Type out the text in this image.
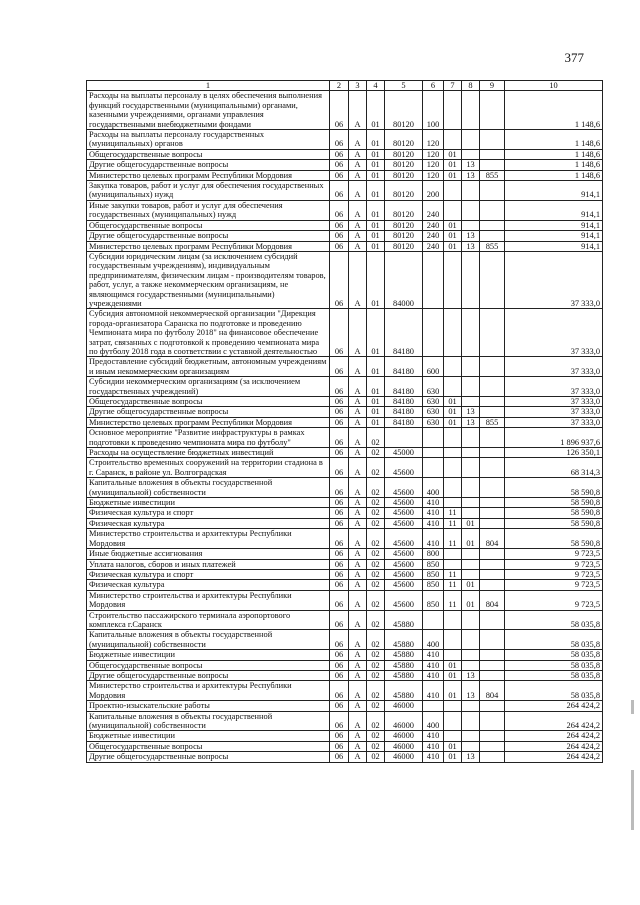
377
1	2	3	4	5	6	7	8	9	10
Расходы на выплаты персоналу в целях обеспечения выполнения функций государственными (муниципальными) органами, казенными учреждениями, органами управления государственными внебюджетными фондами	06	А	01	80120	100				1 148,6
Расходы на выплаты персоналу государственных (муниципальных) органов	06	А	01	80120	120				1 148,6
Общегосударственные вопросы	06	А	01	80120	120	01			1 148,6
Другие общегосударственные вопросы	06	А	01	80120	120	01	13		1 148,6
Министерство целевых программ Республики Мордовия	06	А	01	80120	120	01	13	855	1 148,6
Закупка товаров, работ и услуг для обеспечения государственных (муниципальных) нужд	06	А	01	80120	200				914,1
Иные закупки товаров, работ и услуг для обеспечения государственных (муниципальных) нужд	06	А	01	80120	240				914,1
Общегосударственные вопросы	06	А	01	80120	240	01			914,1
Другие общегосударственные вопросы	06	А	01	80120	240	01	13		914,1
Министерство целевых программ Республики Мордовия	06	А	01	80120	240	01	13	855	914,1
Субсидии юридическим лицам (за исключением субсидий государственным учреждениям), индивидуальным предпринимателям, физическим лицам - производителям товаров, работ, услуг, а также некоммерческим организациям, не являющимся государственными (муниципальными) учреждениями	06	А	01	84000					37 333,0
Субсидия автономной некоммерческой организации "Дирекция города-организатора Саранска по подготовке и проведению Чемпионата мира по футболу 2018" на финансовое обеспечение затрат, связанных с подготовкой к проведению чемпионата мира по футболу 2018 года в соответствии с уставной деятельностью	06	А	01	84180					37 333,0
Предоставление субсидий бюджетным, автономным учреждениям и иным некоммерческим организациям	06	А	01	84180	600				37 333,0
Субсидии некоммерческим организациям (за исключением государственных учреждений)	06	А	01	84180	630				37 333,0
Общегосударственные вопросы	06	А	01	84180	630	01			37 333,0
Другие общегосударственные вопросы	06	А	01	84180	630	01	13		37 333,0
Министерство целевых программ Республики Мордовия	06	А	01	84180	630	01	13	855	37 333,0
Основное мероприятие "Развитие инфраструктуры в рамках подготовки к проведению чемпионата мира по футболу"	06	А	02						1 896 937,6
Расходы на осуществление бюджетных инвестиций	06	А	02	45000					126 350,1
Строительство временных сооружений на территории стадиона в г. Саранск, в районе ул. Волгоградская	06	А	02	45600					68 314,3
Капитальные вложения в объекты государственной (муниципальной) собственности	06	А	02	45600	400				58 590,8
Бюджетные инвестиции	06	А	02	45600	410				58 590,8
Физическая культура и спорт	06	А	02	45600	410	11			58 590,8
Физическая культура	06	А	02	45600	410	11	01		58 590,8
Министерство строительства и архитектуры Республики Мордовия	06	А	02	45600	410	11	01	804	58 590,8
Иные бюджетные ассигнования	06	А	02	45600	800				9 723,5
Уплата налогов, сборов и иных платежей	06	А	02	45600	850				9 723,5
Физическая культура и спорт	06	А	02	45600	850	11			9 723,5
Физическая культура	06	А	02	45600	850	11	01		9 723,5
Министерство строительства и архитектуры Республики Мордовия	06	А	02	45600	850	11	01	804	9 723,5
Строительство пассажирского терминала аэропортового комплекса г.Саранск	06	А	02	45880					58 035,8
Капитальные вложения в объекты государственной (муниципальной) собственности	06	А	02	45880	400				58 035,8
Бюджетные инвестиции	06	А	02	45880	410				58 035,8
Общегосударственные вопросы	06	А	02	45880	410	01			58 035,8
Другие общегосударственные вопросы	06	А	02	45880	410	01	13		58 035,8
Министерство строительства и архитектуры Республики Мордовия	06	А	02	45880	410	01	13	804	58 035,8
Проектно-изыскательские работы	06	А	02	46000					264 424,2
Капитальные вложения в объекты государственной (муниципальной) собственности	06	А	02	46000	400				264 424,2
Бюджетные инвестиции	06	А	02	46000	410				264 424,2
Общегосударственные вопросы	06	А	02	46000	410	01			264 424,2
Другие общегосударственные вопросы	06	А	02	46000	410	01	13		264 424,2
